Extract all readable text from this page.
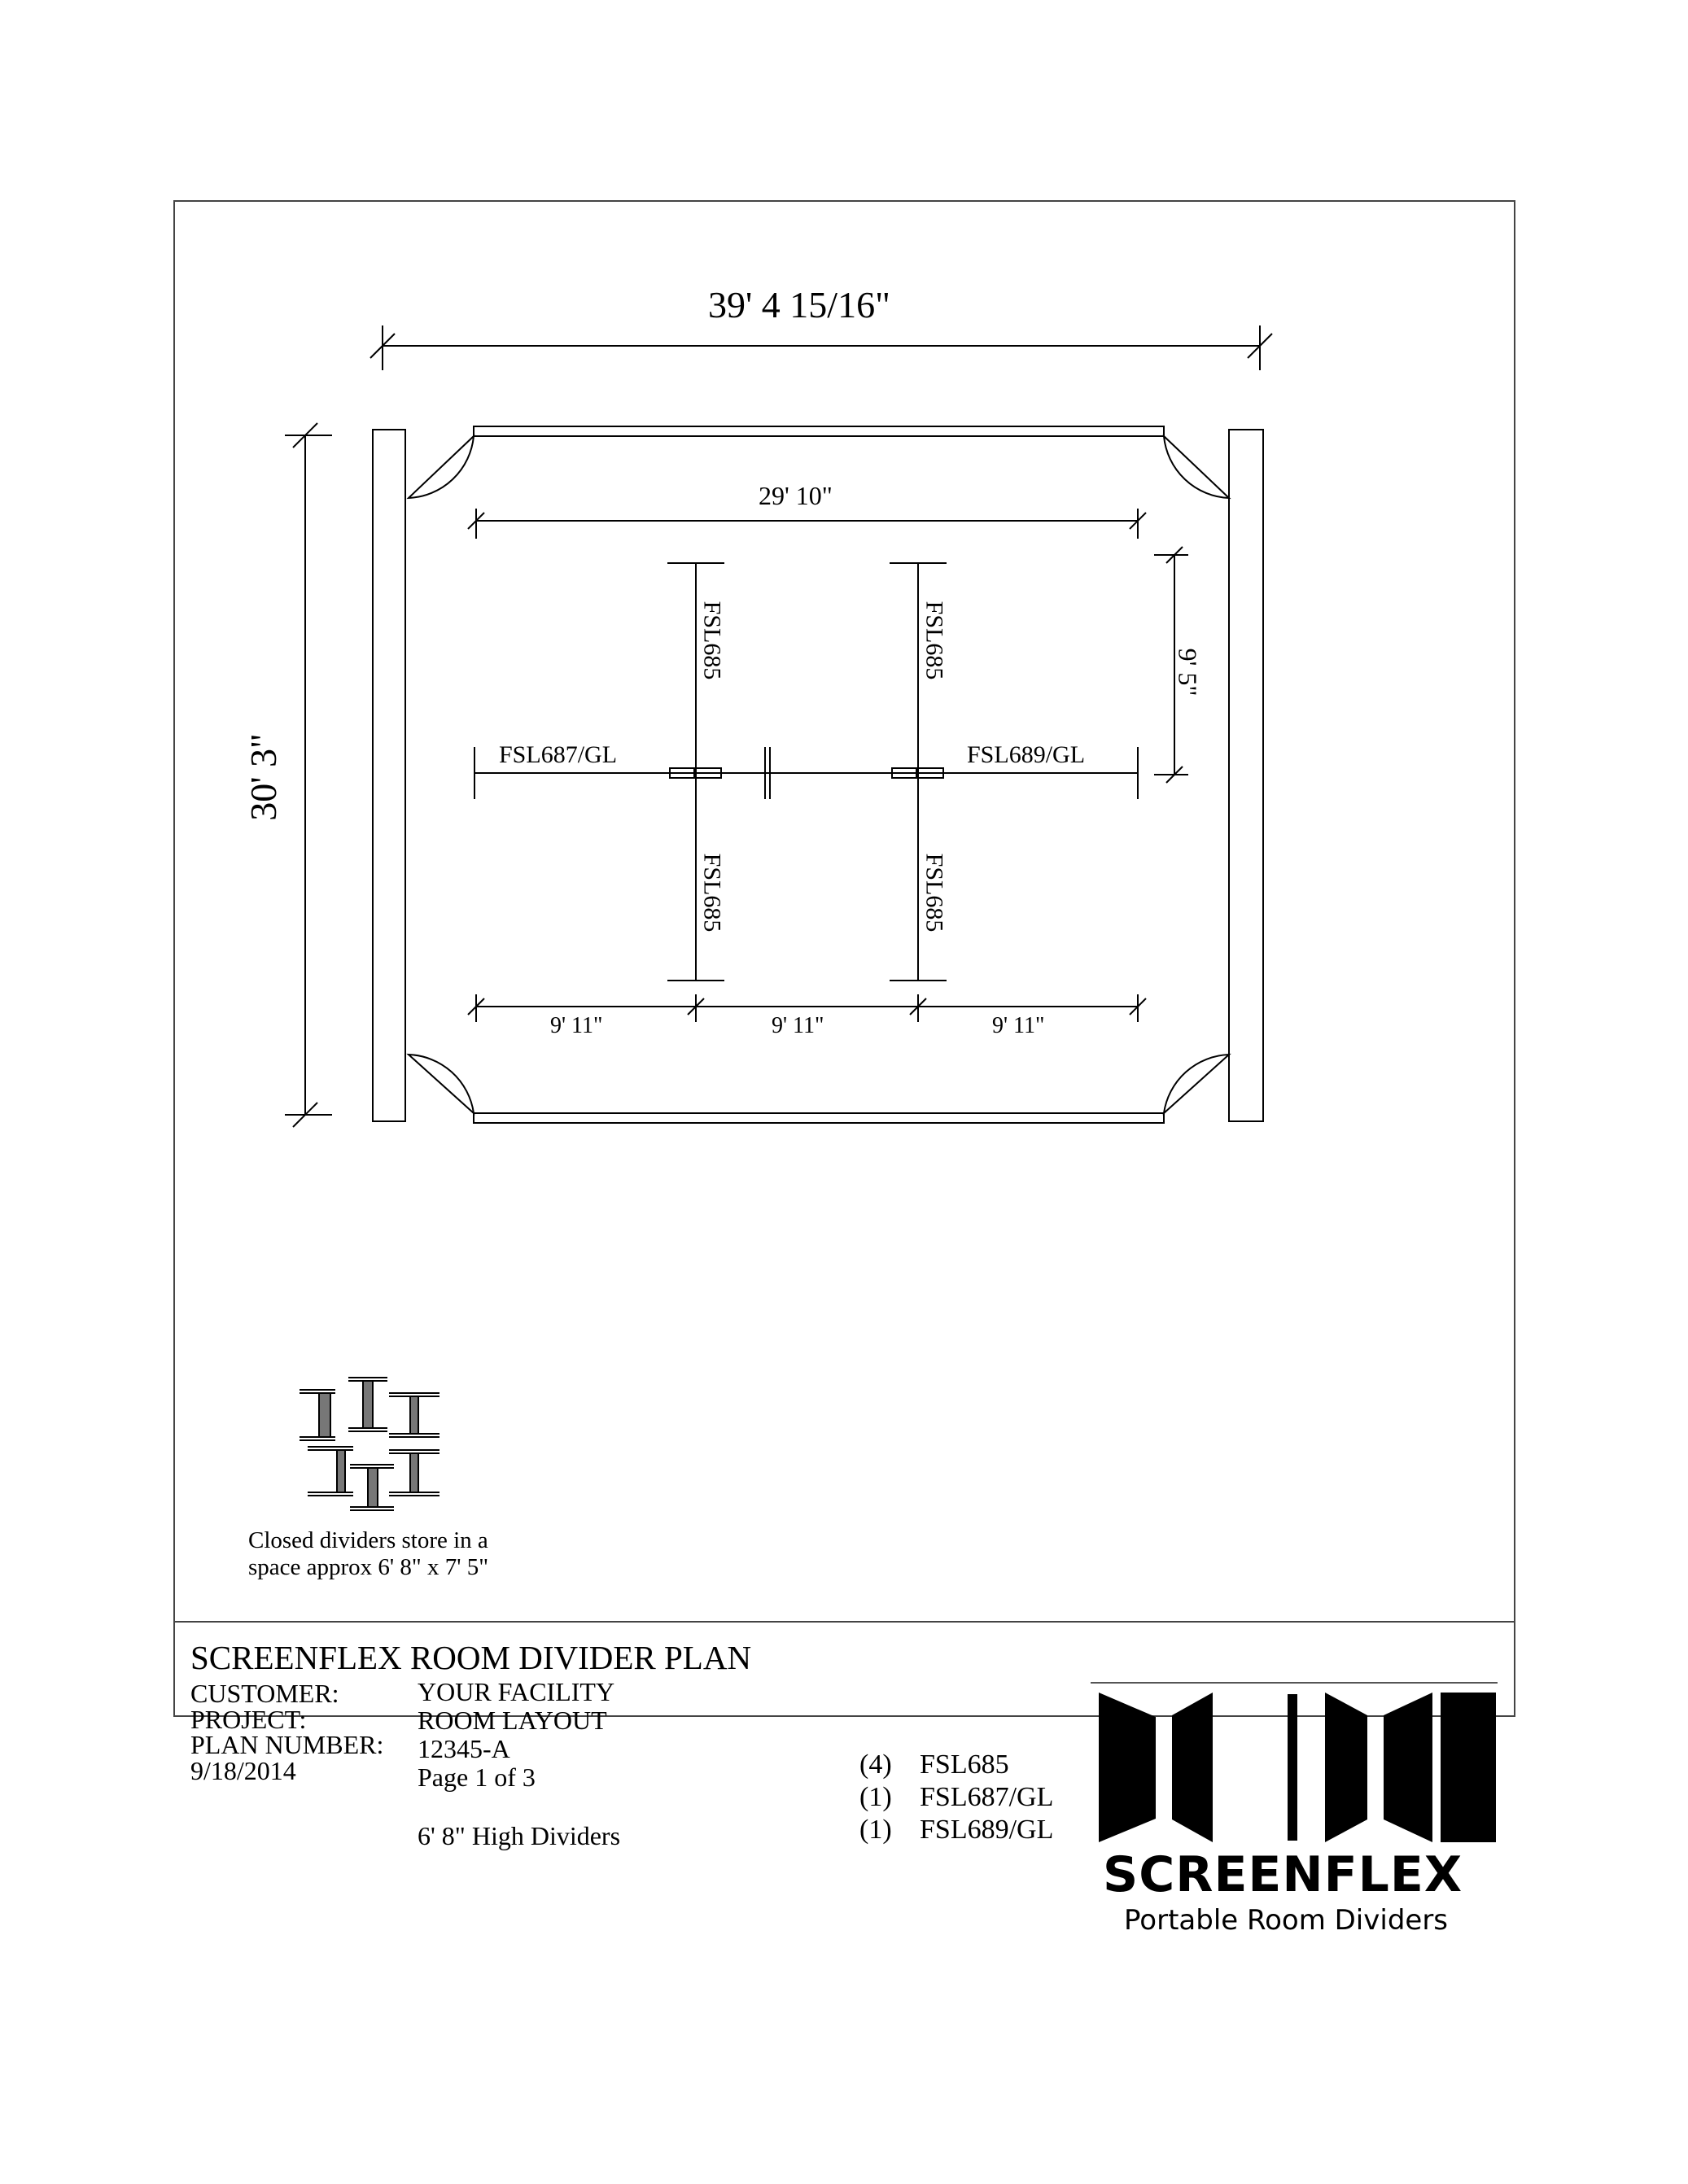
39' 4 15/16"
30' 3"
29' 10"
9' 5"
FSL685	FSL685
FSL685	FSL685
FSL687/GL	FSL689/GL
9' 11"	9' 11"	9' 11"
Closed dividers store in a
space approx 6' 8" x 7' 5"
SCREENFLEX ROOM DIVIDER PLAN
CUSTOMER:	YOUR FACILITY
PROJECT:	ROOM LAYOUT
PLAN NUMBER: 12345-A
9/18/2014	Page 1 of 3
6' 8" High Dividers
(4) FSL685
(1) FSL687/GL
(1) FSL689/GL
SCREENFLEX
Portable Room Dividers
